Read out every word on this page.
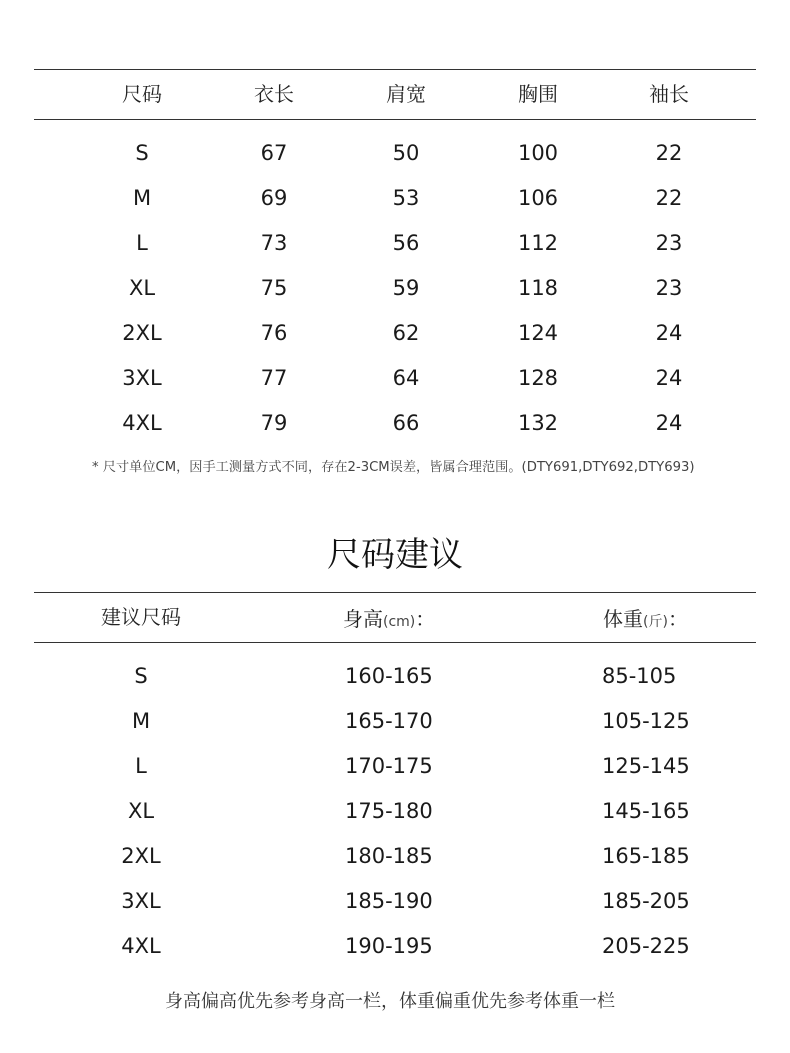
尺码	衣长	肩宽	胸围	袖长
S	67	50	100	22
M	69	53	106	22
L	73	56	112	23
XL	75	59	118	23
2XL	76	62	124	24
3XL	77	64	128	24
4XL	79	66	132	24
* 尺寸单位CM，因手工测量方式不同，存在2-3CM误差，皆属合理范围。(DTY691,DTY692,DTY693)
尺码建议
建议尺码	身高(cm)：	体重(斤)：
S	160-165	85-105
M	165-170	105-125
L	170-175	125-145
XL	175-180	145-165
2XL	180-185	165-185
3XL	185-190	185-205
4XL	190-195	205-225
身高偏高优先参考身高一栏，体重偏重优先参考体重一栏
